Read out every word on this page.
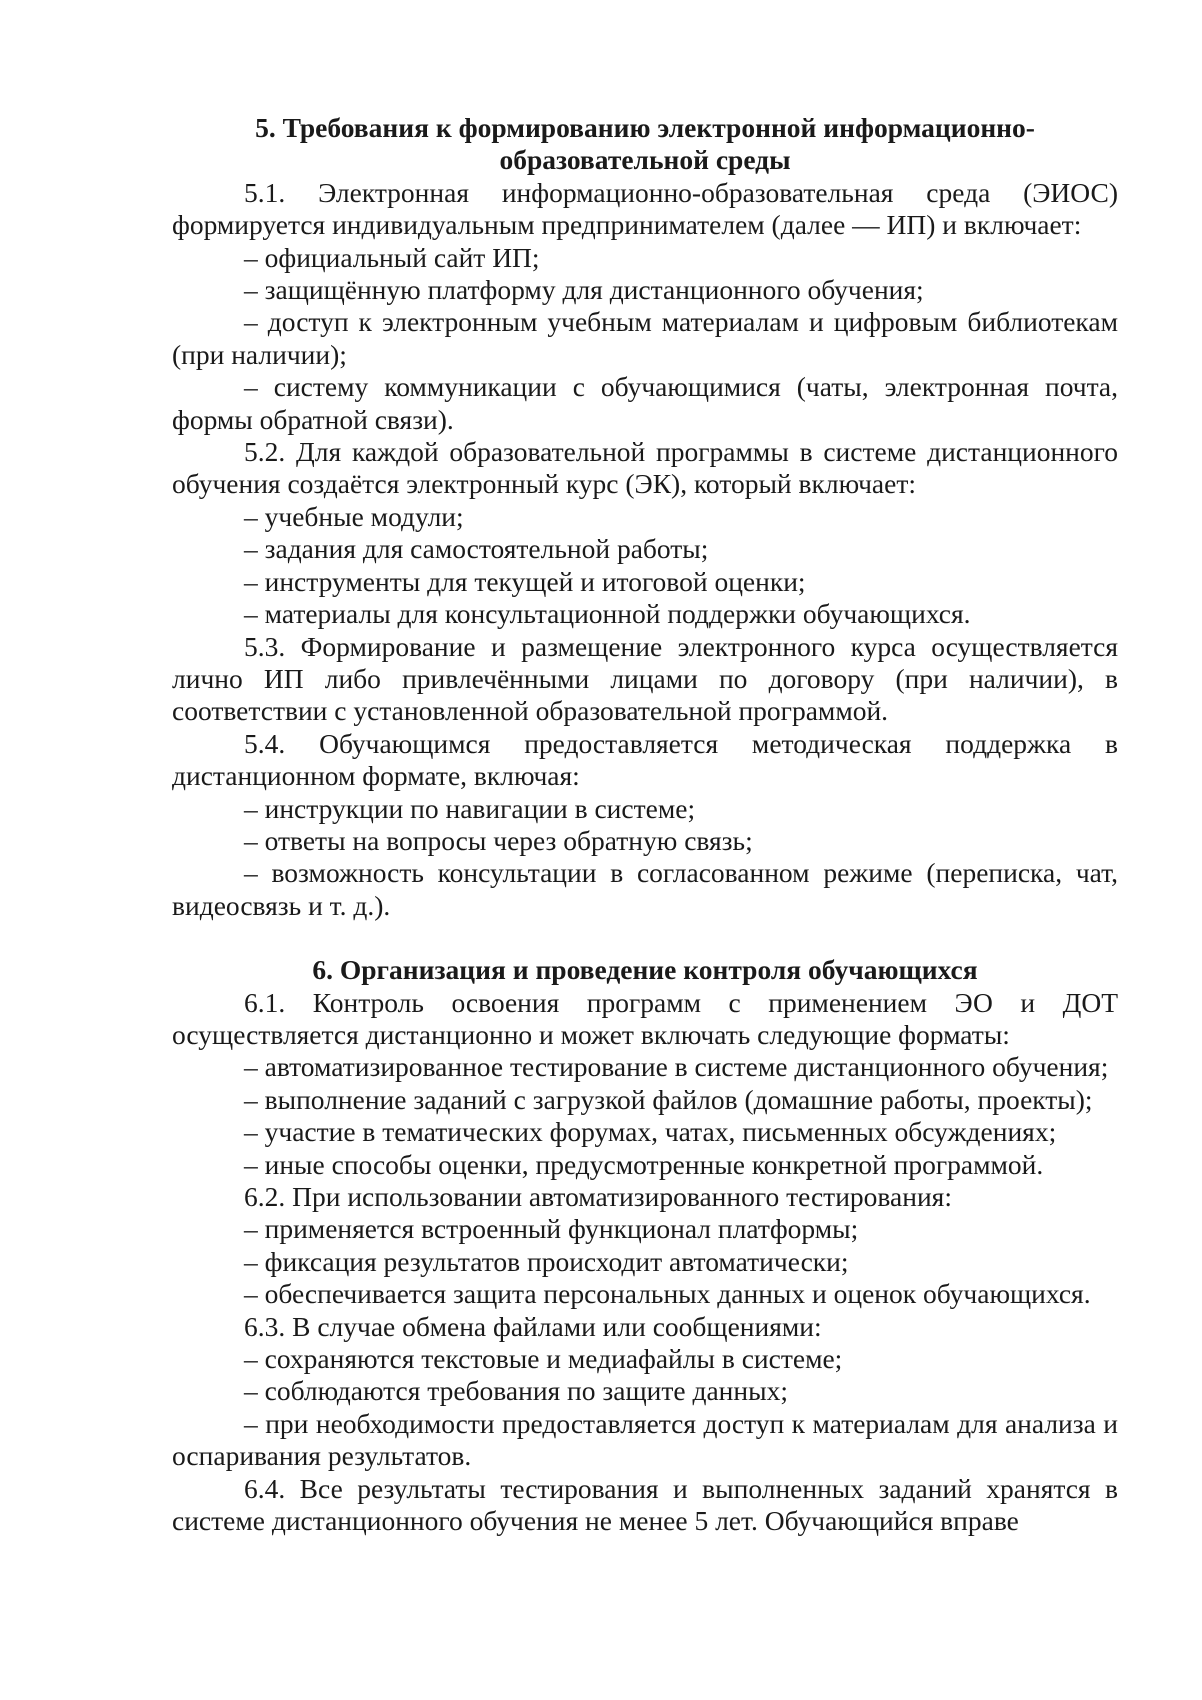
5. Требования к формированию электронной информационно-образовательной среды

5.1. Электронная информационно-образовательная среда (ЭИОС) формируется индивидуальным предпринимателем (далее — ИП) и включает:

– официальный сайт ИП;

– защищённую платформу для дистанционного обучения;

– доступ к электронным учебным материалам и цифровым библиотекам (при наличии);

– систему коммуникации с обучающимися (чаты, электронная почта, формы обратной связи).

5.2. Для каждой образовательной программы в системе дистанционного обучения создаётся электронный курс (ЭК), который включает:

– учебные модули;

– задания для самостоятельной работы;

– инструменты для текущей и итоговой оценки;

– материалы для консультационной поддержки обучающихся.

5.3. Формирование и размещение электронного курса осуществляется лично ИП либо привлечёнными лицами по договору (при наличии), в соответствии с установленной образовательной программой.

5.4. Обучающимся предоставляется методическая поддержка в дистанционном формате, включая:

– инструкции по навигации в системе;

– ответы на вопросы через обратную связь;

– возможность консультации в согласованном режиме (переписка, чат, видеосвязь и т. д.).

6. Организация и проведение контроля обучающихся

6.1. Контроль освоения программ с применением ЭО и ДОТ осуществляется дистанционно и может включать следующие форматы:

– автоматизированное тестирование в системе дистанционного обучения;

– выполнение заданий с загрузкой файлов (домашние работы, проекты);

– участие в тематических форумах, чатах, письменных обсуждениях;

– иные способы оценки, предусмотренные конкретной программой.

6.2. При использовании автоматизированного тестирования:

– применяется встроенный функционал платформы;

– фиксация результатов происходит автоматически;

– обеспечивается защита персональных данных и оценок обучающихся.

6.3. В случае обмена файлами или сообщениями:

– сохраняются текстовые и медиафайлы в системе;

– соблюдаются требования по защите данных;

– при необходимости предоставляется доступ к материалам для анализа и оспаривания результатов.

6.4. Все результаты тестирования и выполненных заданий хранятся в системе дистанционного обучения не менее 5 лет. Обучающийся вправе
